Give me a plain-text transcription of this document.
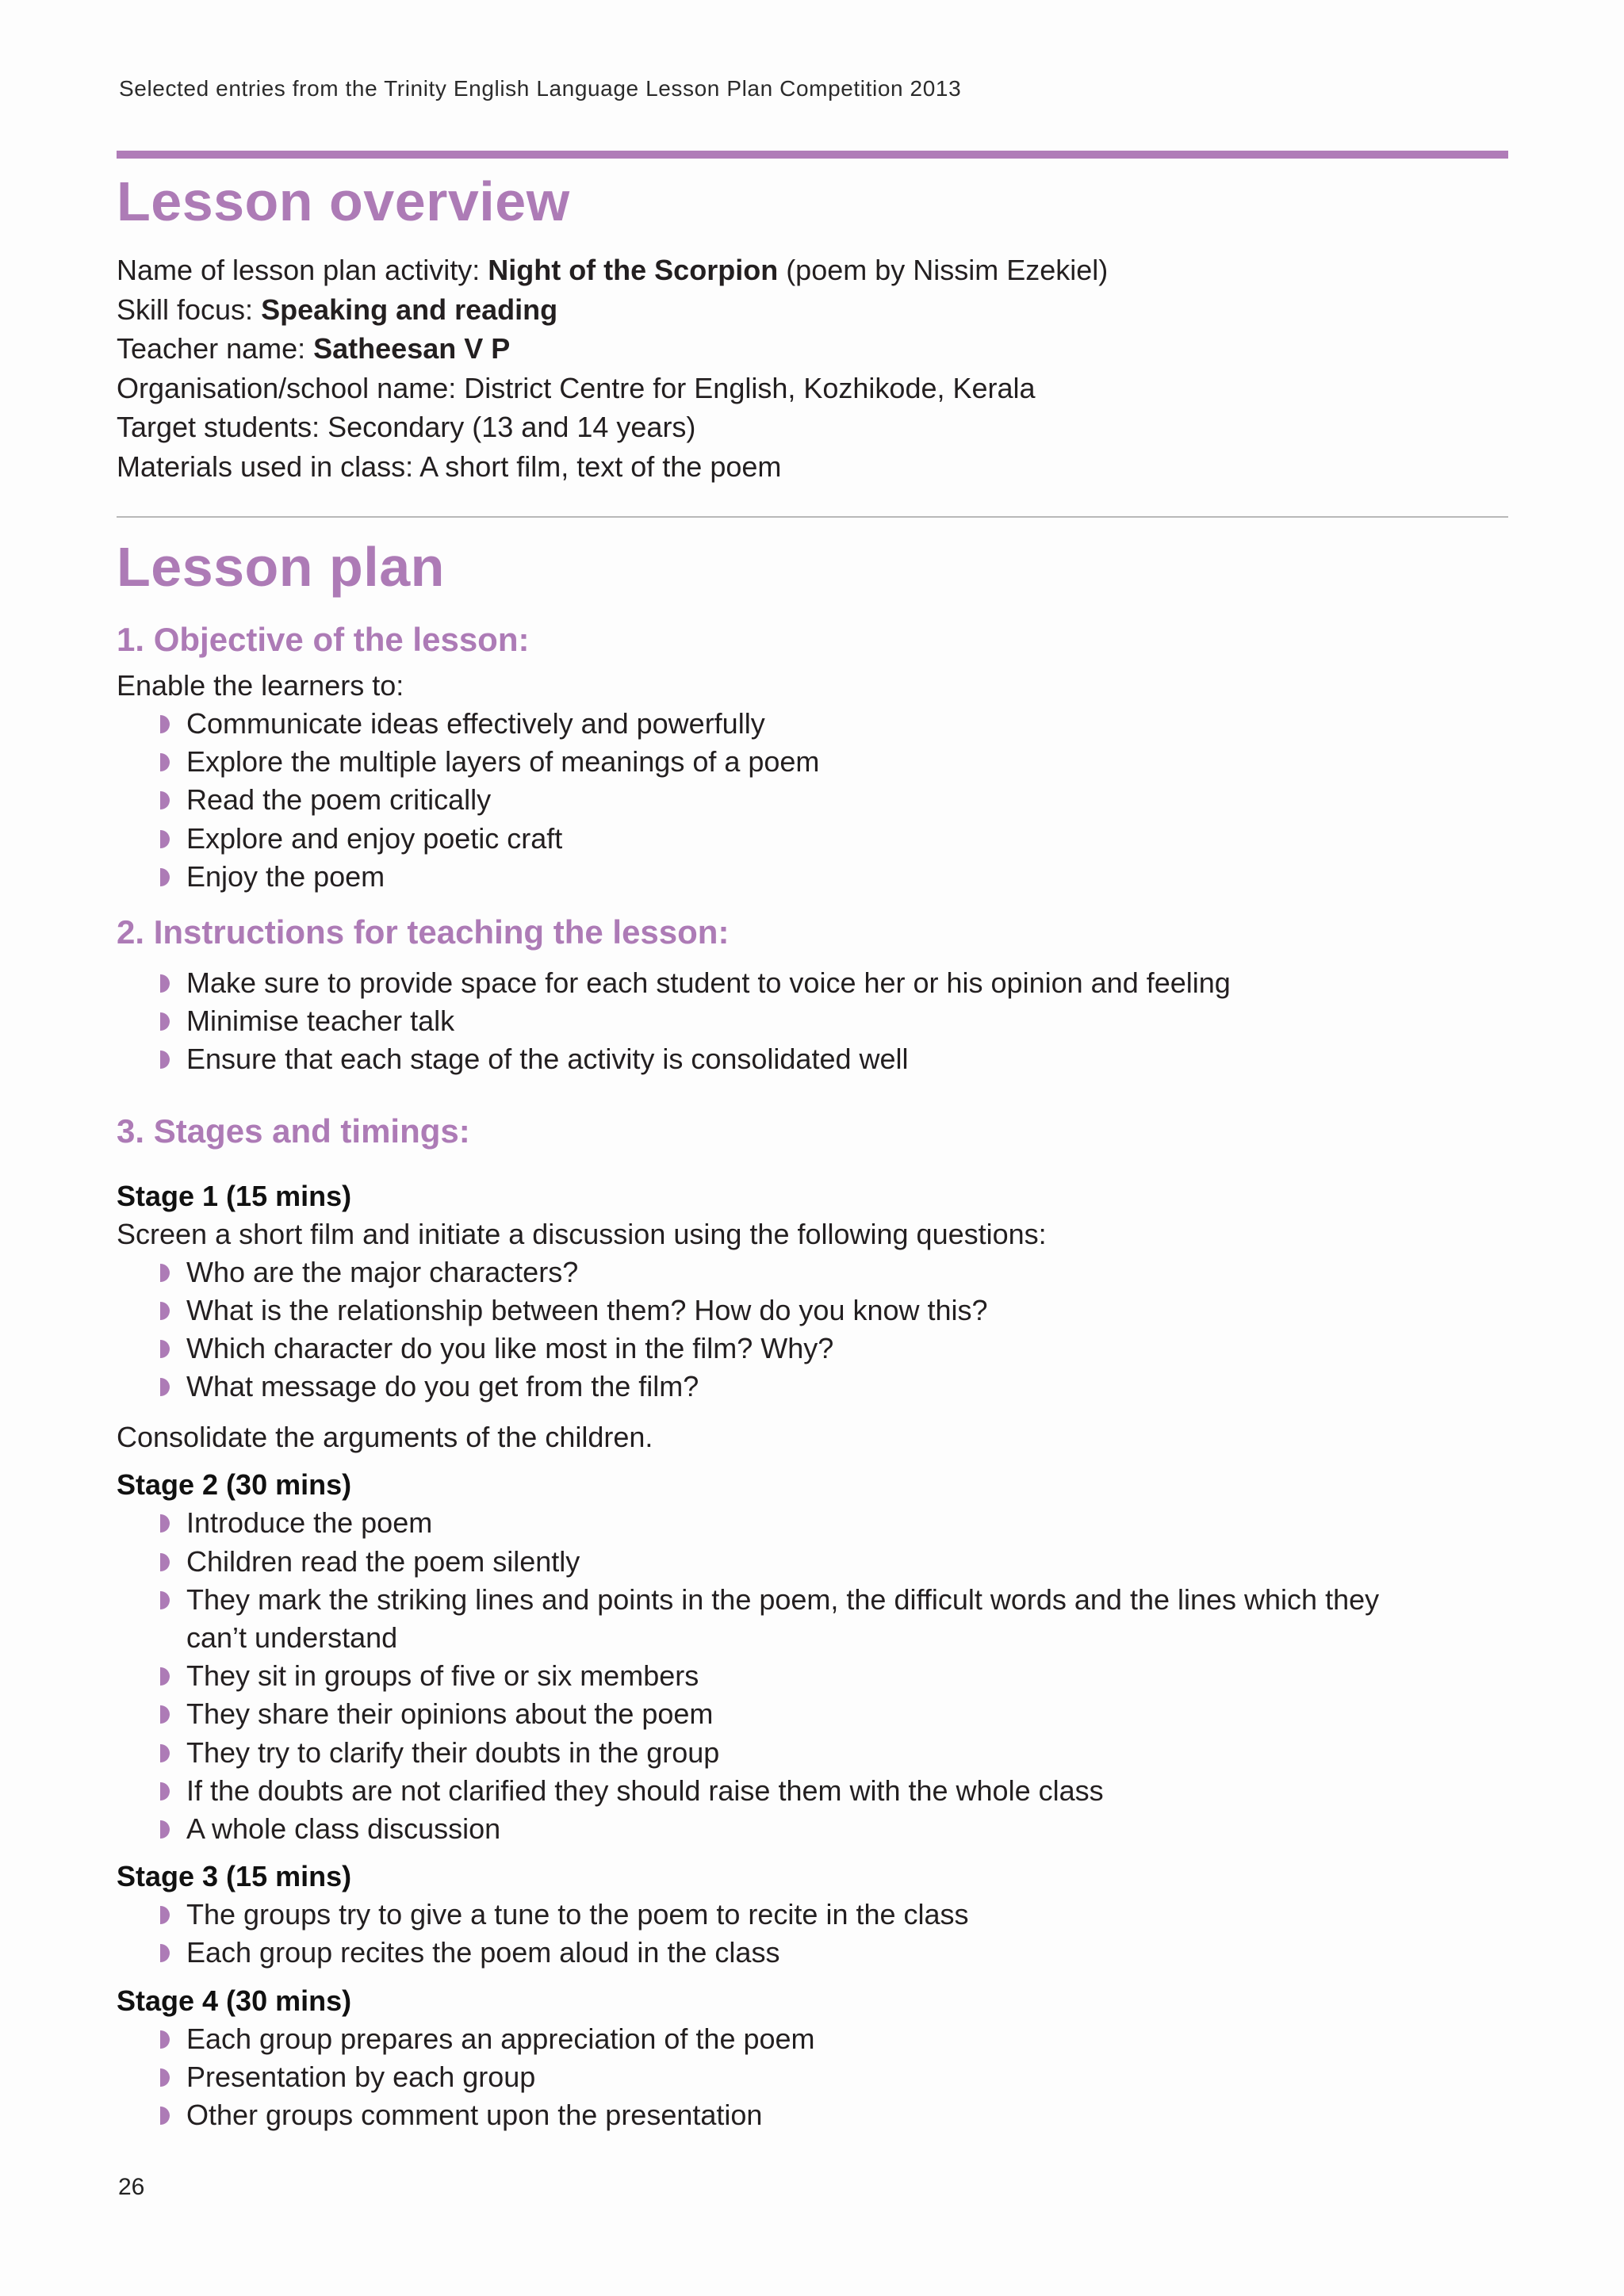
Selected entries from the Trinity English Language Lesson Plan Competition 2013
Lesson overview
Name of lesson plan activity: Night of the Scorpion (poem by Nissim Ezekiel)
Skill focus: Speaking and reading
Teacher name: Satheesan V P
Organisation/school name: District Centre for English, Kozhikode, Kerala
Target students: Secondary (13 and 14 years)
Materials used in class: A short film, text of the poem
Lesson plan
1. Objective of the lesson:
Enable the learners to:
Communicate ideas effectively and powerfully
Explore the multiple layers of meanings of a poem
Read the poem critically
Explore and enjoy poetic craft
Enjoy the poem
2. Instructions for teaching the lesson:
Make sure to provide space for each student to voice her or his opinion and feeling
Minimise teacher talk
Ensure that each stage of the activity is consolidated well
3. Stages and timings:
Stage 1 (15 mins)
Screen a short film and initiate a discussion using the following questions:
Who are the major characters?
What is the relationship between them? How do you know this?
Which character do you like most in the film? Why?
What message do you get from the film?
Consolidate the arguments of the children.
Stage 2 (30 mins)
Introduce the poem
Children read the poem silently
They mark the striking lines and points in the poem, the difficult words and the lines which they
can’t understand
They sit in groups of five or six members
They share their opinions about the poem
They try to clarify their doubts in the group
If the doubts are not clarified they should raise them with the whole class
A whole class discussion
Stage 3 (15 mins)
The groups try to give a tune to the poem to recite in the class
Each group recites the poem aloud in the class
Stage 4 (30 mins)
Each group prepares an appreciation of the poem
Presentation by each group
Other groups comment upon the presentation
26
